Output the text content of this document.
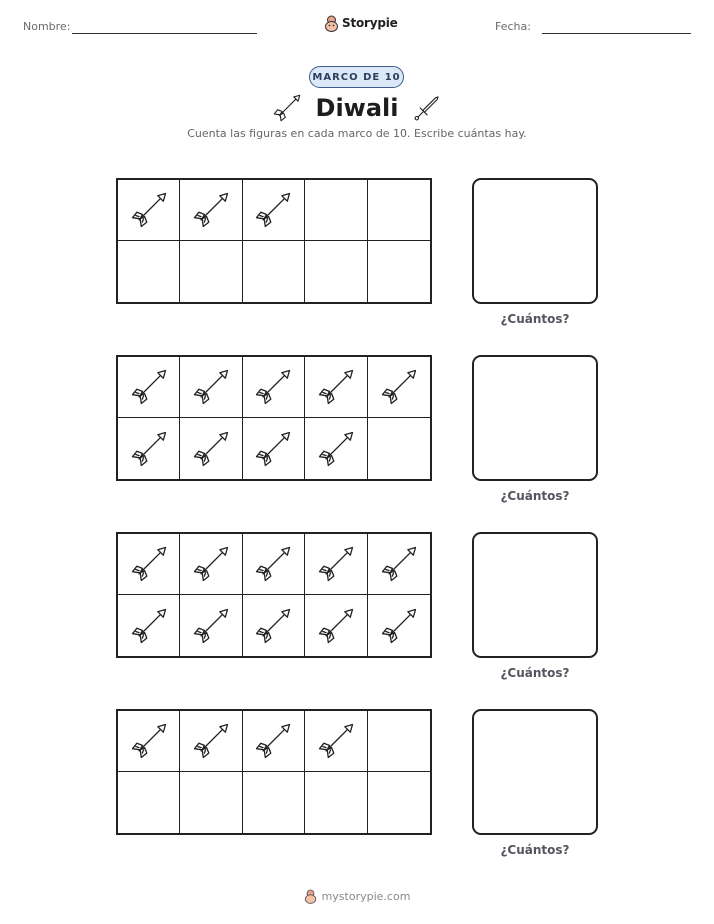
Nombre:	Storypie	Fecha:
MARCO DE 10
Diwali
Cuenta las figuras en cada marco de 10. Escribe cuántas hay.
¿Cuántos?
¿Cuántos?
¿Cuántos?
¿Cuántos?
mystorypie.com
